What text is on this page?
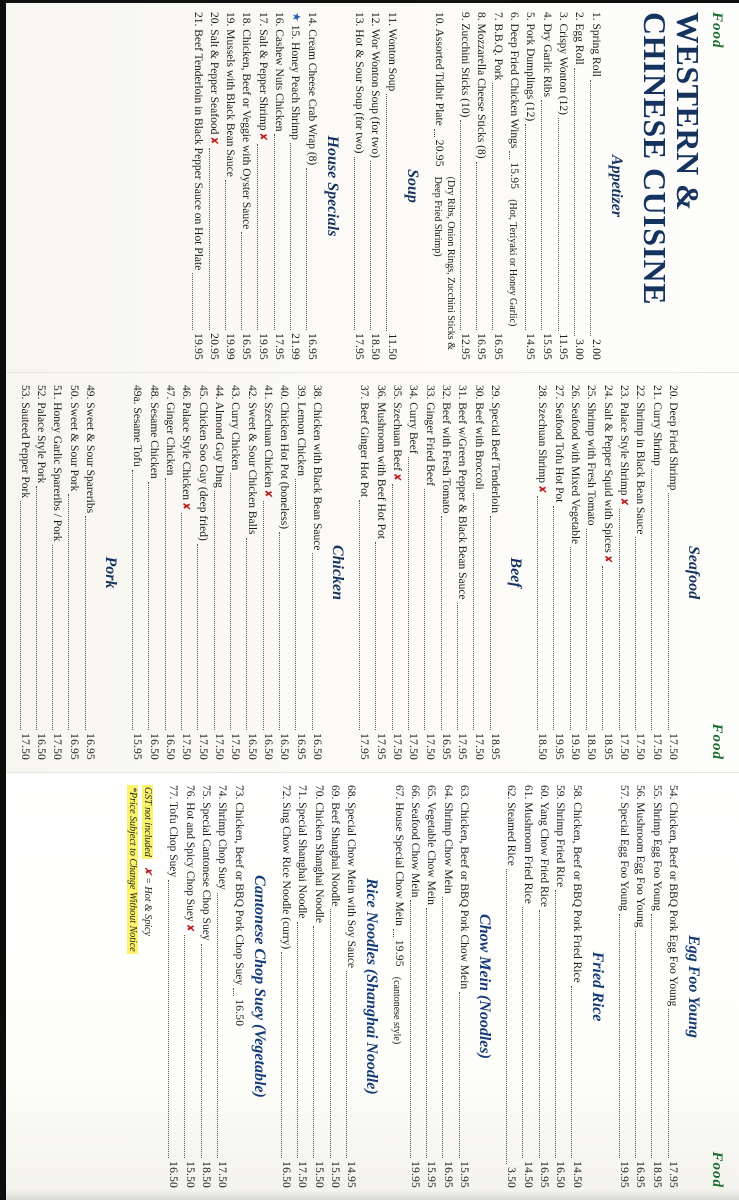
Food
WESTERN & CHINESE CUISINE
Appetizer
1. Spring Roll
2.00
2. Egg Roll
3.00
3. Crispy Wonton (12)
11.95
4. Dry Garlic Ribs
15.95
5. Pork Dumplings (12)
14.95
6. Deep Fried Chicken Wings
15.95
(Hot, Teriyaki or Honey Garlic)
7. B.B.Q. Pork
16.95
8. Mozzarella Cheese Sticks (8)
16.95
9. Zucchini Sticks (10)
12.95
10. Assorted Tidbit Plate
20.95
(Dry Ribs, Onion Rings, Zucchini Sticks & Deep Fried Shrimp)
Soup
11. Wonton Soup
11.50
12. Wor Wonton Soup (for two)
18.50
13. Hot & Sour Soup (for two)
17.95
House Specials
14. Cream Cheese Crab Wrap (8)
16.95
★
15. Honey Peach Shrimp
21.99
16. Cashew Nuts Chicken
17.95
17. Salt & Pepper Shrimp✘
19.95
18. Chicken, Beef or Veggie with Oyster Sauce
16.95
19. Mussels with Black Bean Sauce
19.99
20. Salt & Pepper Seafood✘
20.95
21. Beef Tenderloin in Black Pepper Sauce on Hot Plate
19.95
Food
Seafood
20. Deep Fried Shrimp
17.50
21. Curry Shrimp
17.50
22. Shrimp in Black Bean Sauce
17.50
23. Palace Style Shrimp✘
17.50
24. Salt & Pepper Squid with Spices✘
18.95
25. Shrimp with Fresh Tomato
18.50
26. Seafood with Mixed Vegetable
19.50
27. Seafood Tofu Hot Pot
19.95
28. Szechuan Shrimp✘
18.50
Beef
29. Special Beef Tenderloin
18.95
30. Beef with Broccoli
17.50
31. Beef w/Green Pepper & Black Bean Sauce
17.95
32. Beef with Fresh Tomato
16.95
33. Ginger Fried Beef
17.50
34. Curry Beef
17.50
35. Szechuan Beef✘
17.50
36. Mushroom with Beef Hot Pot
17.95
37. Beef Ginger Hot Pot
17.95
Chicken
38. Chicken with Black Bean Sauce
16.50
39. Lemon Chicken
16.95
40. Chicken Hot Pot (boneless)
16.50
41. Szechuan Chicken✘
16.50
42. Sweet & Sour Chicken Balls
16.50
43. Curry Chicken
17.50
44. Almond Guy Ding
17.50
45. Chicken Soo Guy (deep fried)
17.50
46. Palace Style Chicken✘
17.50
47. Ginger Chicken
16.50
48. Sesame Chicken
16.50
49a. Sesame Tofu
15.95
Pork
49. Sweet & Sour Spareribs
16.95
50. Sweet & Sour Pork
16.95
51. Honey Garlic Spareribs / Pork
17.50
52. Palace Style Pork
16.50
53. Sauteed Pepper Pork
17.50
Food
Egg Foo Young
54. Chicken, Beef or BBQ Pork Egg Foo Young
17.95
55. Shrimp Egg Foo Young
18.95
56. Mushroom Egg Foo Young
16.95
57. Special Egg Foo Young
19.95
Fried Rice
58. Chicken, Beef or BBQ Pork Fried Rice
14.50
59. Shrimp Fried Rice
16.50
60. Yang Chow Fried Rice
16.95
61. Mushroom Fried Rice
14.50
62. Steamed Rice
3.50
Chow Mein (Noodles)
63. Chicken, Beef or BBQ Pork Chow Mein
15.95
64. Shrimp Chow Mein
16.95
65. Vegetable Chow Mein
15.95
66. Seafood Chow Mein
19.95
67. House Special Chow Mein
19.95
(cantonese style)
Rice Noodles (Shanghai Noodle)
68. Special Chow Mein with Soy Sauce
14.95
69. Beef Shanghai Noodle
15.50
70. Chicken Shanghai Noodle
15.50
71. Special Shanghai Noodle
17.50
72. Sing Chow Rice Noodle (curry)
16.50
Cantonese Chop Suey (Vegetable)
73. Chicken, Beef or BBQ Pork Chop Suey
16.50
74. Shrimp Chop Suey
17.50
75. Special Cantonese Chop Suey
18.50
76. Hot and Spicy Chop Suey✘
15.50
77. Tofu Chop Suey
16.50
GST not included   ✘ = Hot & Spicy
*Price Subject to Change Without Notice
